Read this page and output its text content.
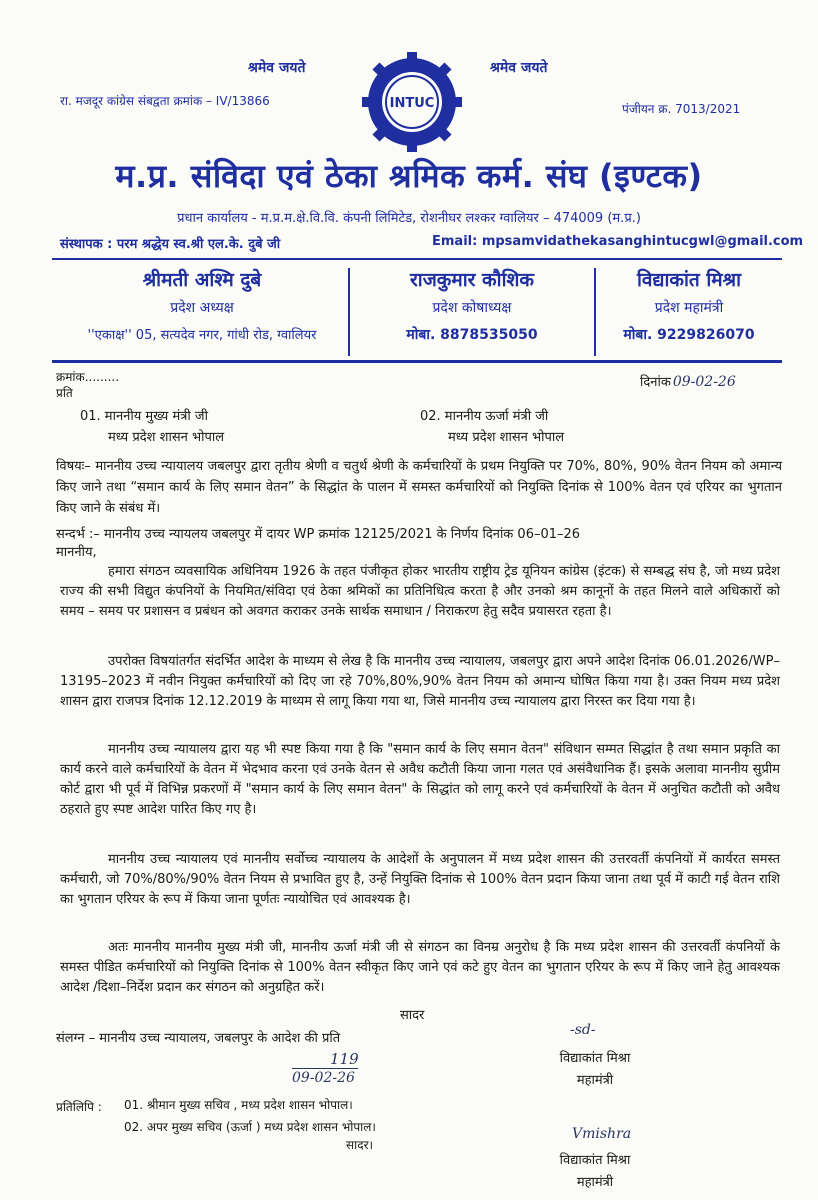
श्रमेव जयते	श्रमेव जयते
रा. मजदूर कांग्रेस संबद्वता क्रमांक – IV/13866
पंजीयन क्र. 7013/2021
INTUC
म.प्र. संविदा एवं ठेका श्रमिक कर्म. संघ (इण्टक)
प्रधान कार्यालय - म.प्र.म.क्षे.वि.वि. कंपनी लिमिटेड, रोशनीघर लश्कर ग्वालियर – 474009 (म.प्र.)
संस्थापक : परम श्रद्धेय स्व.श्री एल.के. दुबे जी	Email: mpsamvidathekasanghintucgwl@gmail.com
श्रीमती अश्मि दुबे
प्रदेश अध्यक्ष
''एकाक्ष'' 05, सत्यदेव नगर, गांधी रोड, ग्वालियर
राजकुमार कौशिक
प्रदेश कोषाध्यक्ष
मोबा. 8878535050
विद्याकांत मिश्रा
प्रदेश महामंत्री
मोबा. 9229826070
क्रमांक.........
प्रति
दिनांक 09-02-26
01. माननीय मुख्य मंत्री जी
मध्य प्रदेश शासन भोपाल
02. माननीय ऊर्जा मंत्री जी
मध्य प्रदेश शासन भोपाल
विषयः– माननीय उच्च न्यायालय जबलपुर द्वारा तृतीय श्रेणी व चतुर्थ श्रेणी के कर्मचारियों के प्रथम नियुक्ति पर 70%, 80%, 90% वेतन नियम को अमान्य किए जाने तथा “समान कार्य के लिए समान वेतन” के सिद्धांत के पालन में समस्त कर्मचारियों को नियुक्ति दिनांक से 100% वेतन एवं एरियर का भुगतान किए जाने के संबंध में।
सन्दर्भ :– माननीय उच्च न्यायलय जबलपुर में दायर WP क्रमांक 12125/2021 के निर्णय दिनांक 06–01–26
माननीय,
हमारा संगठन व्यवसायिक अधिनियम 1926 के तहत पंजीकृत होकर भारतीय राष्ट्रीय ट्रेड यूनियन कांग्रेस (इंटक) से सम्बद्ध संघ है, जो मध्य प्रदेश राज्य की सभी विद्युत कंपनियों के नियमित/संविदा एवं ठेका श्रमिकों का प्रतिनिधित्व करता है और उनको श्रम कानूनों के तहत मिलने वाले अधिकारों को समय – समय पर प्रशासन व प्रबंधन को अवगत कराकर उनके सार्थक समाधान / निराकरण हेतु सदैव प्रयासरत रहता है।
उपरोक्त विषयांतर्गत संदर्भित आदेश के माध्यम से लेख है कि माननीय उच्च न्यायालय, जबलपुर द्वारा अपने आदेश दिनांक 06.01.2026/WP–13195–2023 में नवीन नियुक्त कर्मचारियों को दिए जा रहे 70%,80%,90% वेतन नियम को अमान्य घोषित किया गया है। उक्त नियम मध्य प्रदेश शासन द्वारा राजपत्र दिनांक 12.12.2019 के माध्यम से लागू किया गया था, जिसे माननीय उच्च न्यायालय द्वारा निरस्त कर दिया गया है।
माननीय उच्च न्यायालय द्वारा यह भी स्पष्ट किया गया है कि "समान कार्य के लिए समान वेतन" संविधान सम्मत सिद्धांत है तथा समान प्रकृति का कार्य करने वाले कर्मचारियों के वेतन में भेदभाव करना एवं उनके वेतन से अवैध कटौती किया जाना गलत एवं असंवैधानिक हैं। इसके अलावा माननीय सुप्रीम कोर्ट द्वारा भी पूर्व में विभिन्न प्रकरणों में "समान कार्य के लिए समान वेतन" के सिद्धांत को लागू करने एवं कर्मचारियों के वेतन में अनुचित कटौती को अवैध ठहराते हुए स्पष्ट आदेश पारित किए गए है।
माननीय उच्च न्यायालय एवं माननीय सर्वोच्च न्यायालय के आदेशों के अनुपालन में मध्य प्रदेश शासन की उत्तरवर्ती कंपनियों में कार्यरत समस्त कर्मचारी, जो 70%/80%/90% वेतन नियम से प्रभावित हुए है, उन्हें नियुक्ति दिनांक से 100% वेतन प्रदान किया जाना तथा पूर्व में काटी गई वेतन राशि का भुगतान एरियर के रूप में किया जाना पूर्णतः न्यायोचित एवं आवश्यक है।
अतः माननीय माननीय मुख्य मंत्री जी, माननीय ऊर्जा मंत्री जी से संगठन का विनम्र अनुरोध है कि मध्य प्रदेश शासन की उत्तरवर्ती कंपनियों के समस्त पीडित कर्मचारियों को नियुक्ति दिनांक से 100% वेतन स्वीकृत किए जाने एवं कटे हुए वेतन का भुगतान एरियर के रूप में किए जाने हेतु आवश्यक आदेश /दिशा–निर्देश प्रदान कर संगठन को अनुग्रहित करें।
सादर
संलग्न – माननीय उच्च न्यायालय, जबलपुर के आदेश की प्रति
119
09-02-26
-sd-
विद्याकांत मिश्रा
महामंत्री
प्रतिलिपि : 01. श्रीमान मुख्य सचिव , मध्य प्रदेश शासन भोपाल।
02. अपर मुख्य सचिव (ऊर्जा ) मध्य प्रदेश शासन भोपाल।
सादर।
Vmishra
विद्याकांत मिश्रा
महामंत्री
